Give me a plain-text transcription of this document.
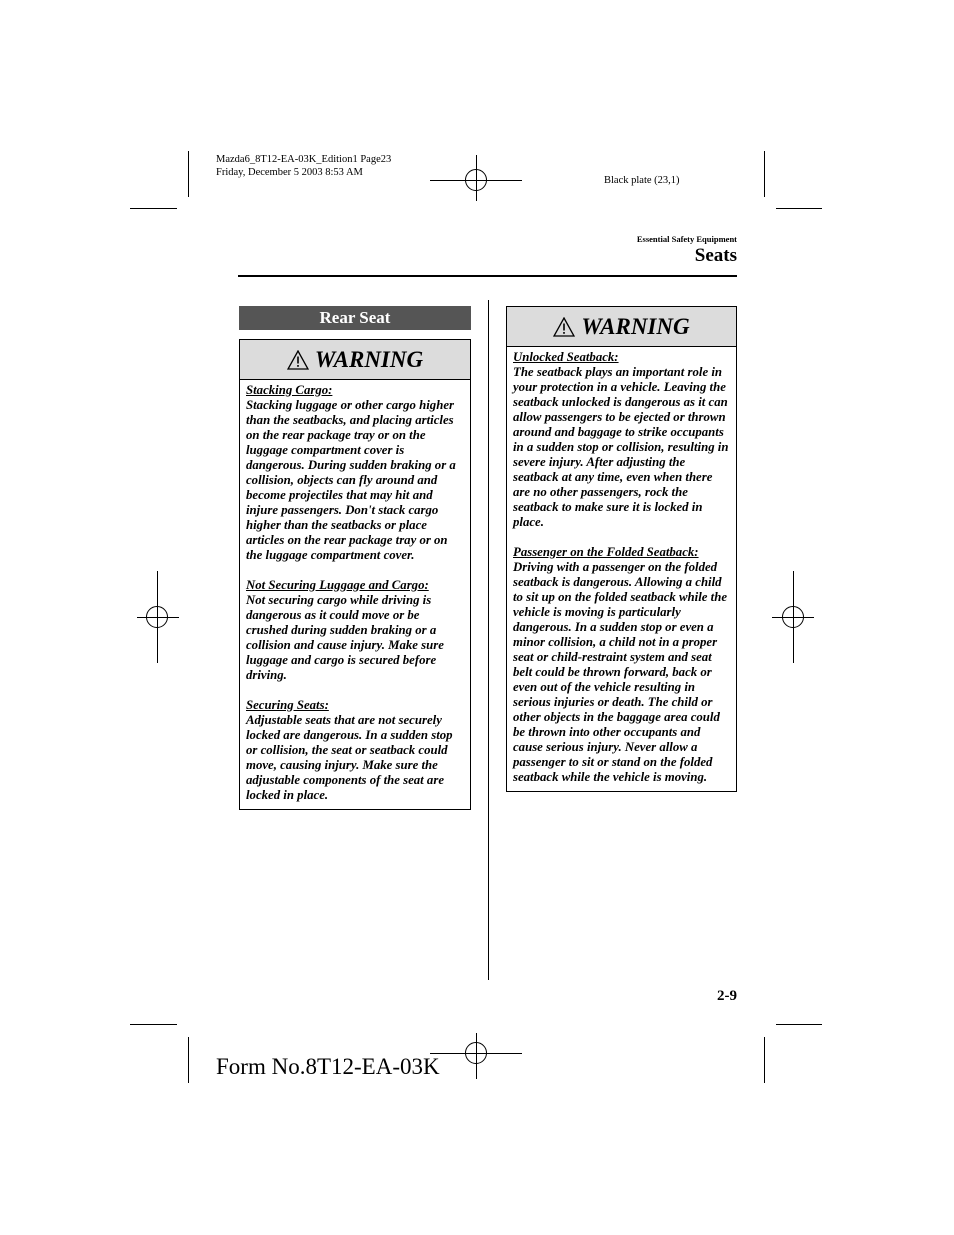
Mazda6_8T12-EA-03K_Edition1 Page23
Friday, December 5 2003 8:53 AM
Black plate (23,1)
Essential Safety Equipment
Seats
Rear Seat
WARNING
Stacking Cargo:
Stacking luggage or other cargo higher than the seatbacks, and placing articles on the rear package tray or on the luggage compartment cover is dangerous. During sudden braking or a collision, objects can fly around and become projectiles that may hit and injure passengers. Don't stack cargo higher than the seatbacks or place articles on the rear package tray or on the luggage compartment cover.
Not Securing Luggage and Cargo:
Not securing cargo while driving is dangerous as it could move or be crushed during sudden braking or a collision and cause injury. Make sure luggage and cargo is secured before driving.
Securing Seats:
Adjustable seats that are not securely locked are dangerous. In a sudden stop or collision, the seat or seatback could move, causing injury. Make sure the adjustable components of the seat are locked in place.
WARNING
Unlocked Seatback:
The seatback plays an important role in your protection in a vehicle. Leaving the seatback unlocked is dangerous as it can allow passengers to be ejected or thrown around and baggage to strike occupants in a sudden stop or collision, resulting in severe injury. After adjusting the seatback at any time, even when there are no other passengers, rock the seatback to make sure it is locked in place.
Passenger on the Folded Seatback:
Driving with a passenger on the folded seatback is dangerous. Allowing a child to sit up on the folded seatback while the vehicle is moving is particularly dangerous. In a sudden stop or even a minor collision, a child not in a proper seat or child-restraint system and seat belt could be thrown forward, back or even out of the vehicle resulting in serious injuries or death. The child or other objects in the baggage area could be thrown into other occupants and cause serious injury. Never allow a passenger to sit or stand on the folded seatback while the vehicle is moving.
2-9
Form No.8T12-EA-03K
